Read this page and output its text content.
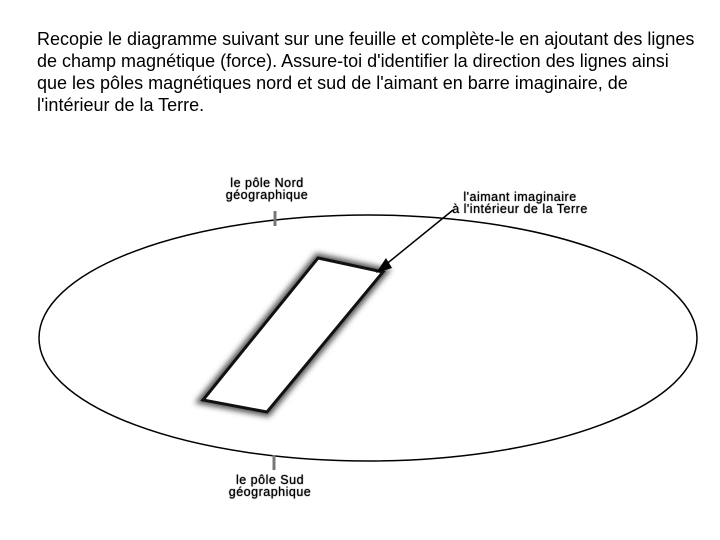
Recopie le diagramme suivant sur une feuille et complète-le en ajoutant des lignes de champ magnétique (force). Assure-toi d'identifier la direction des lignes ainsi que les pôles magnétiques nord et sud de l'aimant en barre imaginaire, de l'intérieur de la Terre.

le pôle Nord
géographique
le pôle Sud
géographique
l'aimant imaginaire
à l'intérieur de la Terre
